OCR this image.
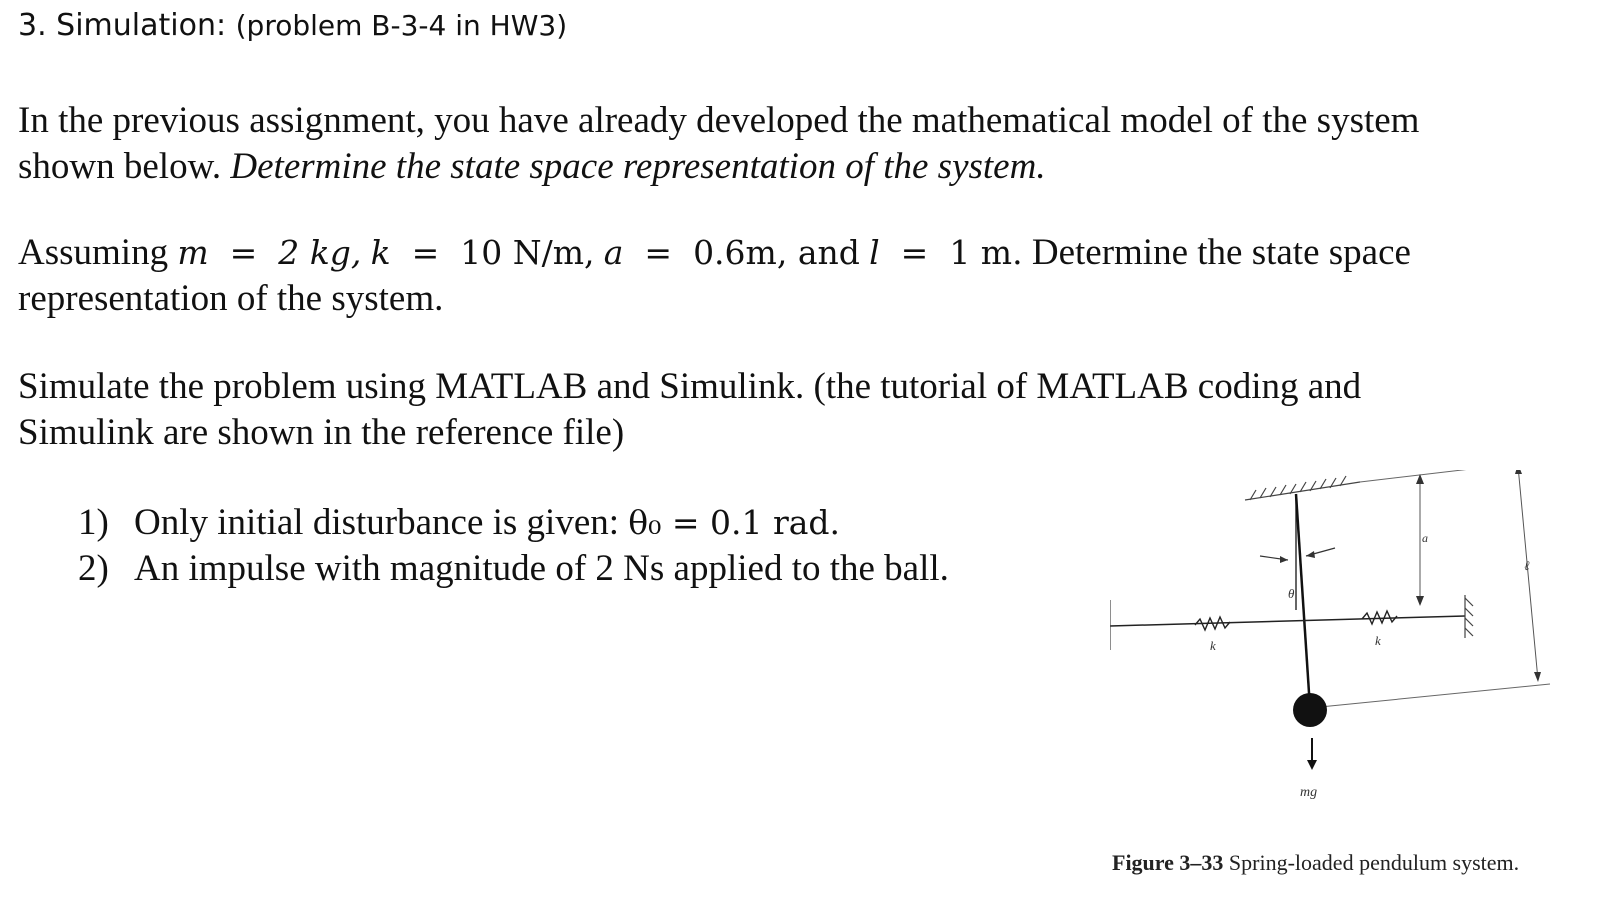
3. Simulation: (problem B-3-4 in HW3)
In the previous assignment, you have already developed the mathematical model of the system
shown below. Determine the state space representation of the system.
Assuming m = 2 kg, k = 10 N/m, a = 0.6m, and l = 1 m. Determine the state space
representation of the system.
Simulate the problem using MATLAB and Simulink. (the tutorial of MATLAB coding and
Simulink are shown in the reference file)
1) Only initial disturbance is given: θ₀ = 0.1 rad.
2) An impulse with magnitude of 2 Ns applied to the ball.
θ
k	k
a
ℓ
mg
Figure 3–33 Spring-loaded pendulum system.
